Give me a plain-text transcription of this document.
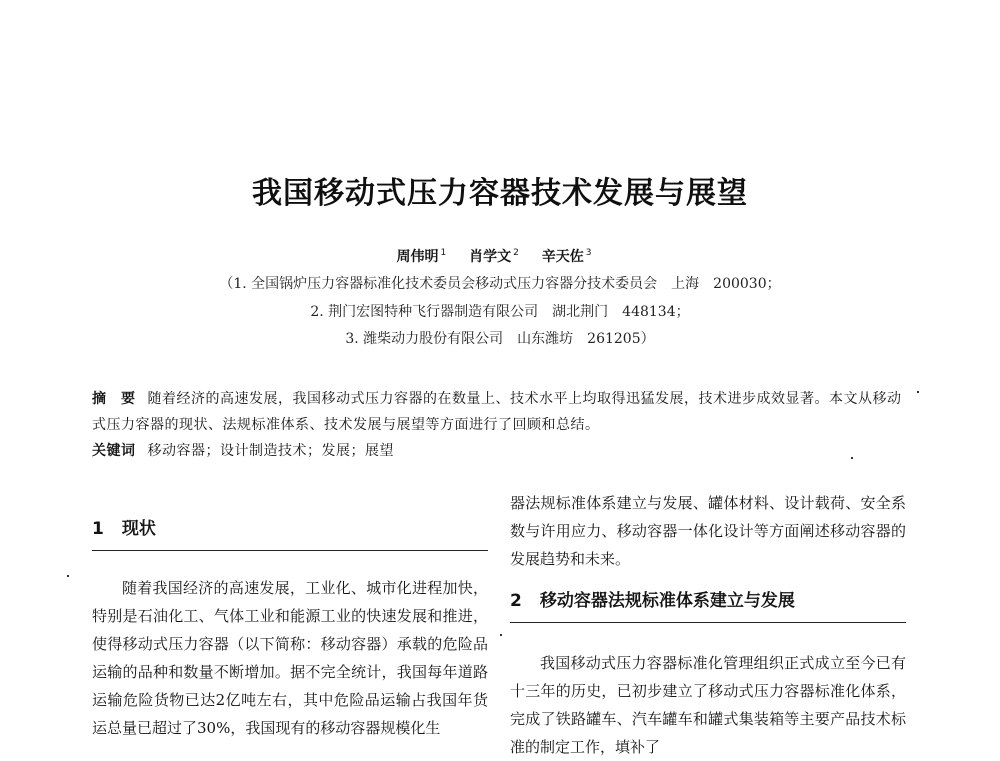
我国移动式压力容器技术发展与展望
周伟明 $^1$ 肖学文 $^2$ 辛天佐 $^3$
（1. 全国锅炉压力容器标准化技术委员会移动式压力容器分技术委员会　上海　200030；
2. 荆门宏图特种飞行器制造有限公司　湖北荆门　448134；
3. 潍柴动力股份有限公司　山东潍坊　261205）
摘　要 随着经济的高速发展，我国移动式压力容器的在数量上、技术水平上均取得迅猛发展，技术进步成效显著。本文从移动式压力容器的现状、法规标准体系、技术发展与展望等方面进行了回顾和总结。
关键词 移动容器；设计制造技术；发展；展望
1 现状

随着我国经济的高速发展，工业化、城市化进程加快，特别是石油化工、气体工业和能源工业的快速发展和推进，使得移动式压力容器（以下简称：移动容器）承载的危险品运输的品种和数量不断增加。据不完全统计，我国每年道路运输危险货物已达2亿吨左右，其中危险品运输占我国年货运总量已超过了30%，我国现有的移动容器规模化生

器法规标准体系建立与发展、罐体材料、设计载荷、安全系数与许用应力、移动容器一体化设计等方面阐述移动容器的发展趋势和未来。

2 移动容器法规标准体系建立与发展

我国移动式压力容器标准化管理组织正式成立至今已有十三年的历史，已初步建立了移动式压力容器标准化体系，完成了铁路罐车、汽车罐车和罐式集装箱等主要产品技术标准的制定工作，填补了
